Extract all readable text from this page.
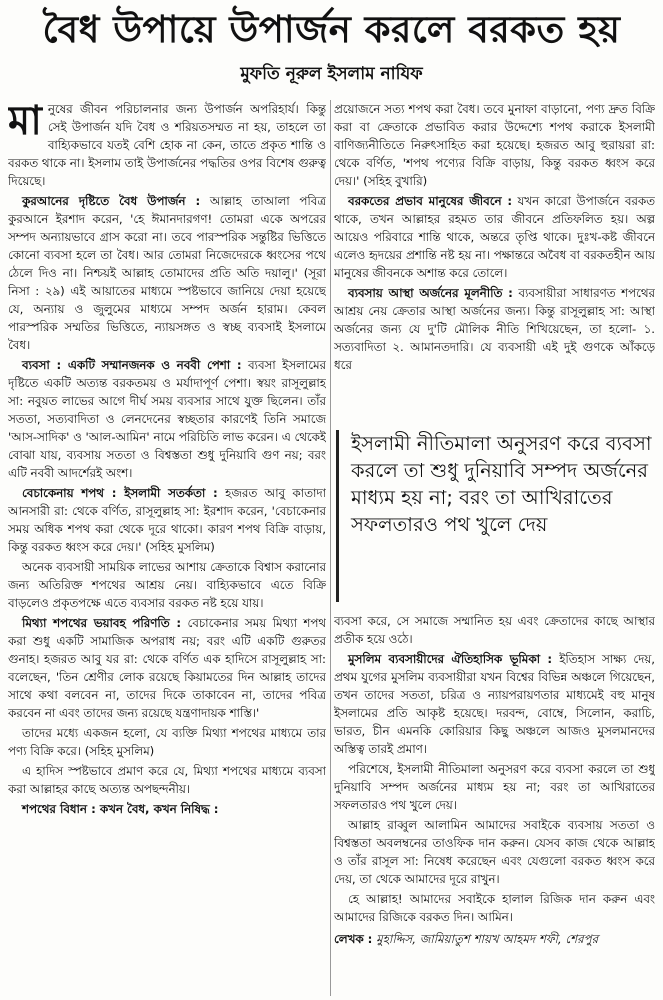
বৈধ উপায়ে উপার্জন করলে বরকত হয়
মুফতি নূরুল ইসলাম নাযিফ

মানুষের জীবন পরিচালনার জন্য উপার্জন অপরিহার্য। কিন্তু সেই উপার্জন যদি বৈধ ও শরিয়তসম্মত না হয়, তাহলে তা বাহ্যিকভাবে যতই বেশি হোক না কেন, তাতে প্রকৃত শান্তি ও বরকত থাকে না। ইসলাম তাই উপার্জনের পদ্ধতির ওপর বিশেষ গুরুত্ব দিয়েছে।

কুরআনের দৃষ্টিতে বৈধ উপার্জন : আল্লাহ তাআলা পবিত্র কুরআনে ইরশাদ করেন, 'হে ঈমানদারগণ! তোমরা একে অপরের সম্পদ অন্যায়ভাবে গ্রাস করো না। তবে পারস্পরিক সন্তুষ্টির ভিত্তিতে কোনো ব্যবসা হলে তা বৈধ। আর তোমরা নিজেদেরকে ধ্বংসের পথে ঠেলে দিও না। নিশ্চয়ই আল্লাহ তোমাদের প্রতি অতি দয়ালু।' (সূরা নিসা : ২৯) এই আয়াতের মাধ্যমে স্পষ্টভাবে জানিয়ে দেয়া হয়েছে যে, অন্যায় ও জুলুমের মাধ্যমে সম্পদ অর্জন হারাম। কেবল পারস্পরিক সম্মতির ভিত্তিতে, ন্যায়সঙ্গত ও স্বচ্ছ ব্যবসাই ইসলামে বৈধ।

ব্যবসা : একটি সম্মানজনক ও নববী পেশা : ব্যবসা ইসলামের দৃষ্টিতে একটি অত্যন্ত বরকতময় ও মর্যাদাপূর্ণ পেশা। স্বয়ং রাসূলুল্লাহ সা: নবুয়ত লাভের আগে দীর্ঘ সময় ব্যবসার সাথে যুক্ত ছিলেন। তাঁর সততা, সত্যবাদিতা ও লেনদেনের স্বচ্ছতার কারণেই তিনি সমাজে 'আস-সাদিক' ও 'আল-আমিন' নামে পরিচিতি লাভ করেন। এ থেকেই বোঝা যায়, ব্যবসায় সততা ও বিশ্বস্ততা শুধু দুনিয়াবি গুণ নয়; বরং এটি নববী আদর্শেরই অংশ।

বেচাকেনায় শপথ : ইসলামী সতর্কতা : হজরত আবু কাতাদা আনসারী রা: থেকে বর্ণিত, রাসূলুল্লাহ সা: ইরশাদ করেন, 'বেচাকেনার সময় অধিক শপথ করা থেকে দূরে থাকো। কারণ শপথ বিক্রি বাড়ায়, কিন্তু বরকত ধ্বংস করে দেয়।' (সহিহ মুসলিম)

অনেক ব্যবসায়ী সাময়িক লাভের আশায় ক্রেতাকে বিশ্বাস করানোর জন্য অতিরিক্ত শপথের আশ্রয় নেয়। বাহ্যিকভাবে এতে বিক্রি বাড়লেও প্রকৃতপক্ষে এতে ব্যবসার বরকত নষ্ট হয়ে যায়।

মিথ্যা শপথের ভয়াবহ পরিণতি : বেচাকেনার সময় মিথ্যা শপথ করা শুধু একটি সামাজিক অপরাধ নয়; বরং এটি একটি গুরুতর গুনাহ। হজরত আবু যর রা: থেকে বর্ণিত এক হাদিসে রাসূলুল্লাহ সা: বলেছেন, 'তিন শ্রেণীর লোক রয়েছে কিয়ামতের দিন আল্লাহ তাদের সাথে কথা বলবেন না, তাদের দিকে তাকাবেন না, তাদের পবিত্র করবেন না এবং তাদের জন্য রয়েছে যন্ত্রণাদায়ক শাস্তি।'

তাদের মধ্যে একজন হলো, যে ব্যক্তি মিথ্যা শপথের মাধ্যমে তার পণ্য বিক্রি করে। (সহিহ মুসলিম)

এ হাদিস স্পষ্টভাবে প্রমাণ করে যে, মিথ্যা শপথের মাধ্যমে ব্যবসা করা আল্লাহর কাছে অত্যন্ত অপছন্দনীয়।

শপথের বিধান : কখন বৈধ, কখন নিষিদ্ধ :

প্রয়োজনে সত্য শপথ করা বৈধ। তবে মুনাফা বাড়ানো, পণ্য দ্রুত বিক্রি করা বা ক্রেতাকে প্রভাবিত করার উদ্দেশ্যে শপথ করাকে ইসলামী বাণিজ্যনীতিতে নিরুৎসাহিত করা হয়েছে। হজরত আবু হুরায়রা রা: থেকে বর্ণিত, 'শপথ পণ্যের বিক্রি বাড়ায়, কিন্তু বরকত ধ্বংস করে দেয়।' (সহিহ বুখারি)

বরকতের প্রভাব মানুষের জীবনে : যখন কারো উপার্জনে বরকত থাকে, তখন আল্লাহর রহমত তার জীবনে প্রতিফলিত হয়। অল্প আয়েও পরিবারে শান্তি থাকে, অন্তরে তৃপ্তি থাকে। দুঃখ-কষ্ট জীবনে এলেও হৃদয়ের প্রশান্তি নষ্ট হয় না। পক্ষান্তরে অবৈধ বা বরকতহীন আয় মানুষের জীবনকে অশান্ত করে তোলে।

ব্যবসায় আস্থা অর্জনের মূলনীতি : ব্যবসায়ীরা সাধারণত শপথের আশ্রয় নেয় ক্রেতার আস্থা অর্জনের জন্য। কিন্তু রাসূলুল্লাহ সা: আস্থা অর্জনের জন্য যে দু'টি মৌলিক নীতি শিখিয়েছেন, তা হলো- ১. সত্যবাদিতা ২. আমানতদারি। যে ব্যবসায়ী এই দুই গুণকে আঁকড়ে ধরে

ইসলামী নীতিমালা অনুসরণ করে ব্যবসা করলে তা শুধু দুনিয়াবি সম্পদ অর্জনের মাধ্যম হয় না; বরং তা আখিরাতের সফলতারও পথ খুলে দেয়

ব্যবসা করে, সে সমাজে সম্মানিত হয় এবং ক্রেতাদের কাছে আস্থার প্রতীক হয়ে ওঠে।

মুসলিম ব্যবসায়ীদের ঐতিহাসিক ভূমিকা : ইতিহাস সাক্ষ্য দেয়, প্রথম যুগের মুসলিম ব্যবসায়ীরা যখন বিশ্বের বিভিন্ন অঞ্চলে গিয়েছেন, তখন তাদের সততা, চরিত্র ও ন্যায়পরায়ণতার মাধ্যমেই বহু মানুষ ইসলামের প্রতি আকৃষ্ট হয়েছে। দরবন্দ, বোম্বে, সিলোন, করাচি, ভারত, চীন এমনকি কোরিয়ার কিছু অঞ্চলে আজও মুসলমানদের অস্তিত্ব তারই প্রমাণ।

পরিশেষে, ইসলামী নীতিমালা অনুসরণ করে ব্যবসা করলে তা শুধু দুনিয়াবি সম্পদ অর্জনের মাধ্যম হয় না; বরং তা আখিরাতের সফলতারও পথ খুলে দেয়।

আল্লাহ রাব্বুল আলামিন আমাদের সবাইকে ব্যবসায় সততা ও বিশ্বস্ততা অবলম্বনের তাওফিক দান করুন। যেসব কাজ থেকে আল্লাহ ও তাঁর রাসূল সা: নিষেধ করেছেন এবং যেগুলো বরকত ধ্বংস করে দেয়, তা থেকে আমাদের দূরে রাখুন।

হে আল্লাহ! আমাদের সবাইকে হালাল রিজিক দান করুন এবং আমাদের রিজিকে বরকত দিন। আমিন।

লেখক : মুহাদ্দিস, জামিয়াতুশ শায়খ আহমদ শফী, শেরপুর
